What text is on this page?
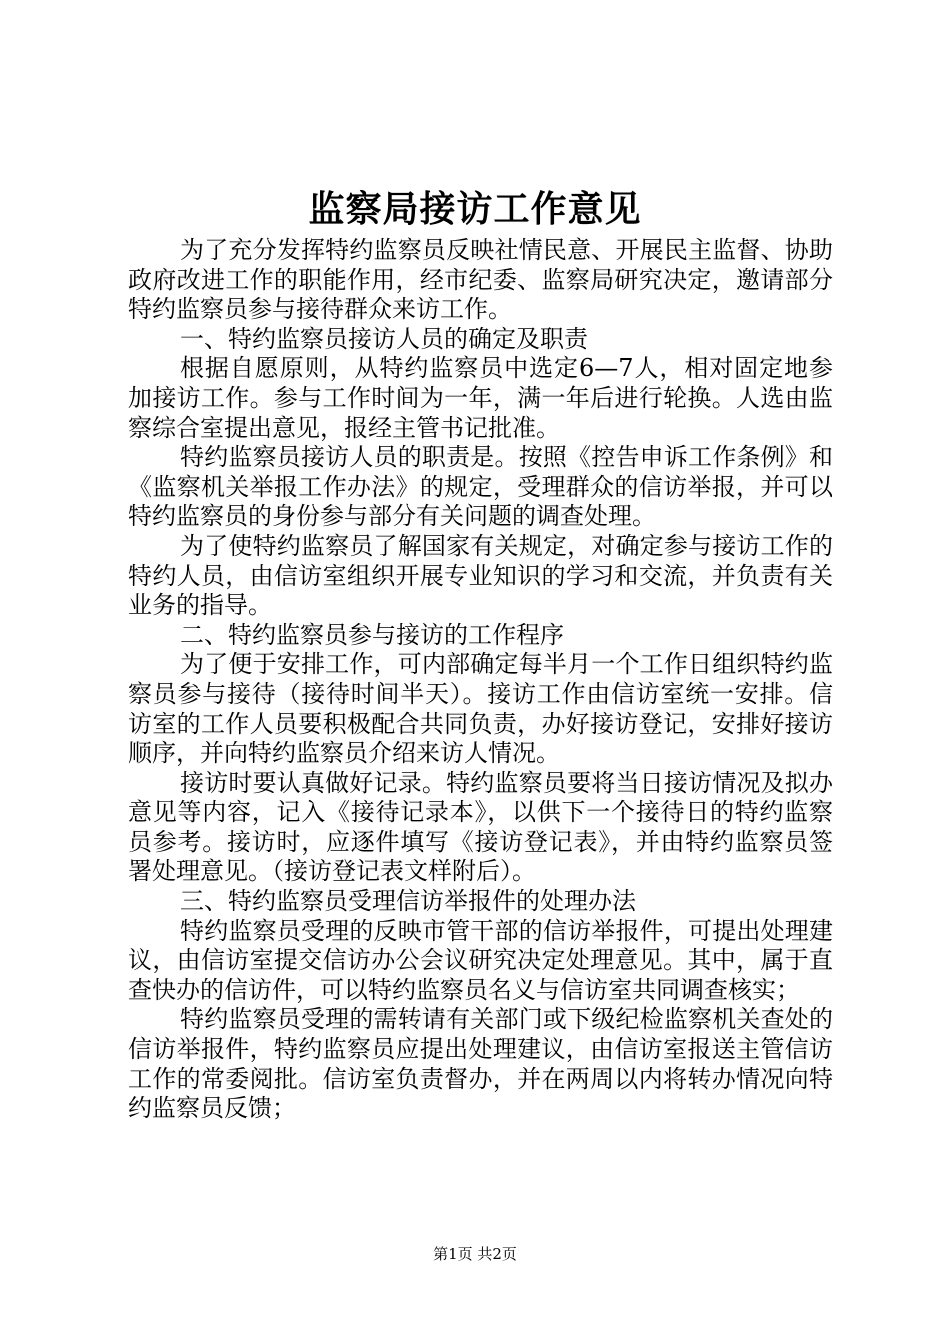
监察局接访工作意见

为了充分发挥特约监察员反映社情民意、开展民主监督、协助政府改进工作的职能作用，经市纪委、监察局研究决定，邀请部分特约监察员参与接待群众来访工作。

一、特约监察员接访人员的确定及职责

根据自愿原则，从特约监察员中选定6—7人，相对固定地参加接访工作。参与工作时间为一年，满一年后进行轮换。人选由监察综合室提出意见，报经主管书记批准。

特约监察员接访人员的职责是。按照《控告申诉工作条例》和《监察机关举报工作办法》的规定，受理群众的信访举报，并可以特约监察员的身份参与部分有关问题的调查处理。

为了使特约监察员了解国家有关规定，对确定参与接访工作的特约人员，由信访室组织开展专业知识的学习和交流，并负责有关业务的指导。

二、特约监察员参与接访的工作程序

为了便于安排工作，可内部确定每半月一个工作日组织特约监察员参与接待（接待时间半天）。接访工作由信访室统一安排。信访室的工作人员要积极配合共同负责，办好接访登记，安排好接访顺序，并向特约监察员介绍来访人情况。

接访时要认真做好记录。特约监察员要将当日接访情况及拟办意见等内容，记入《接待记录本》，以供下一个接待日的特约监察员参考。接访时，应逐件填写《接访登记表》，并由特约监察员签署处理意见。（接访登记表文样附后）。

三、特约监察员受理信访举报件的处理办法

特约监察员受理的反映市管干部的信访举报件，可提出处理建议，由信访室提交信访办公会议研究决定处理意见。其中，属于直查快办的信访件，可以特约监察员名义与信访室共同调查核实；

特约监察员受理的需转请有关部门或下级纪检监察机关查处的信访举报件，特约监察员应提出处理建议，由信访室报送主管信访工作的常委阅批。信访室负责督办，并在两周以内将转办情况向特约监察员反馈；

第1页 共2页
